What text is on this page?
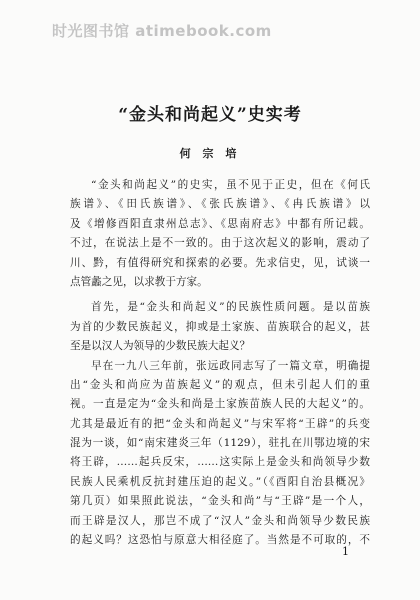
时光图书馆 atimebook.com
“金头和尚起义”史实考
何 宗 培
“金头和尚起义”的史实，虽不见于正史，但在《何氏
族谱》、《田氏族谱》、《张氏族谱》、《冉氏族谱》以
及《增修酉阳直隶州总志》、《思南府志》中都有所记载。
不过，在说法上是不一致的。由于这次起义的影响，震动了
川、黔，有值得研究和探索的必要。先求信史，见，试谈一
点管蠡之见，以求教于方家。
首先，是“金头和尚起义”的民族性质问题。是以苗族
为首的少数民族起义，抑或是土家族、苗族联合的起义，甚
至是以汉人为领导的少数民族大起义？
早在一九八三年前，张远政同志写了一篇文章，明确提
出“金头和尚应为苗族起义”的观点，但未引起人们的重
视。一直是定为“金头和尚是土家族苗族人民的大起义”的。
尤其是最近有的把“金头和尚起义”与宋军将“王辟”的兵变
混为一谈，如“南宋建炎三年（1129），驻扎在川鄂边境的宋
将王辟，……起兵反宋，……这实际上是金头和尚领导少数
民族人民乘机反抗封建压迫的起义。”（《酉阳自治县概况》
第几页）如果照此说法，“金头和尚”与“王辟”是一个人，
而王辟是汉人，那岂不成了“汉人”金头和尚领导少数民族
的起义吗？这恐怕与原意大相径庭了。当然是不可取的，不
1
